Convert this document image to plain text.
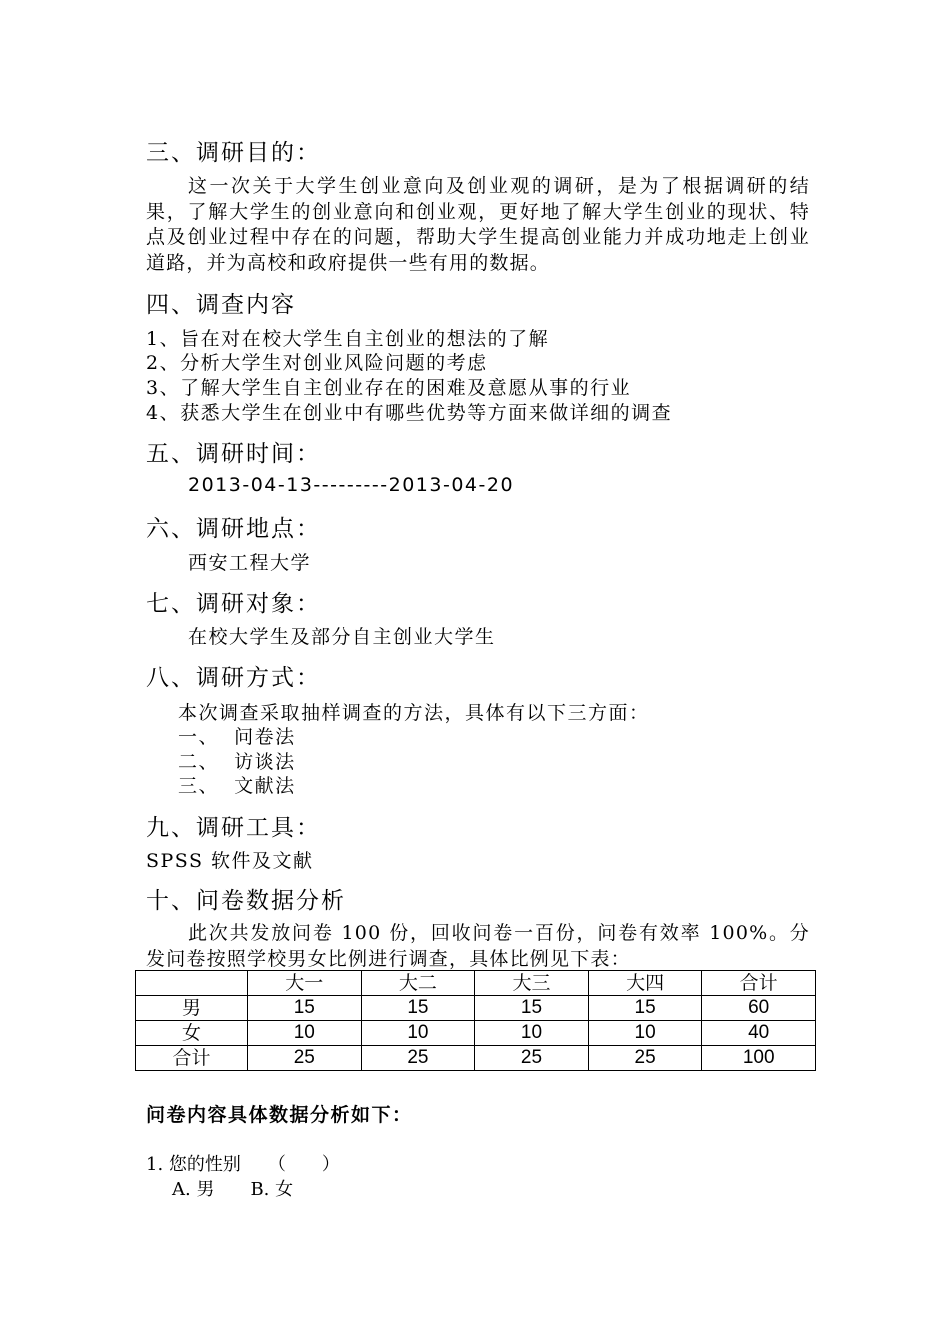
三、调研目的：
这一次关于大学生创业意向及创业观的调研，是为了根据调研的结果，了解大学生的创业意向和创业观，更好地了解大学生创业的现状、特点及创业过程中存在的问题，帮助大学生提高创业能力并成功地走上创业道路，并为高校和政府提供一些有用的数据。
四、调查内容
1、旨在对在校大学生自主创业的想法的了解
2、分析大学生对创业风险问题的考虑
3、了解大学生自主创业存在的困难及意愿从事的行业
4、获悉大学生在创业中有哪些优势等方面来做详细的调查
五、调研时间：
2013-04-13---------2013-04-20
六、调研地点：
西安工程大学
七、调研对象：
在校大学生及部分自主创业大学生
八、调研方式：
本次调查采取抽样调查的方法，具体有以下三方面：
一、  问卷法
二、  访谈法
三、  文献法
九、调研工具：
SPSS 软件及文献
十、问卷数据分析
此次共发放问卷 100 份，回收问卷一百份，问卷有效率 100%。分发问卷按照学校男女比例进行调查，具体比例见下表：
	大一	大二	大三	大四	合计
男	15	15	15	15	60
女	10	10	10	10	40
合计	25	25	25	25	100
问卷内容具体数据分析如下：
1. 您的性别　　（　　）
A. 男　　B. 女
